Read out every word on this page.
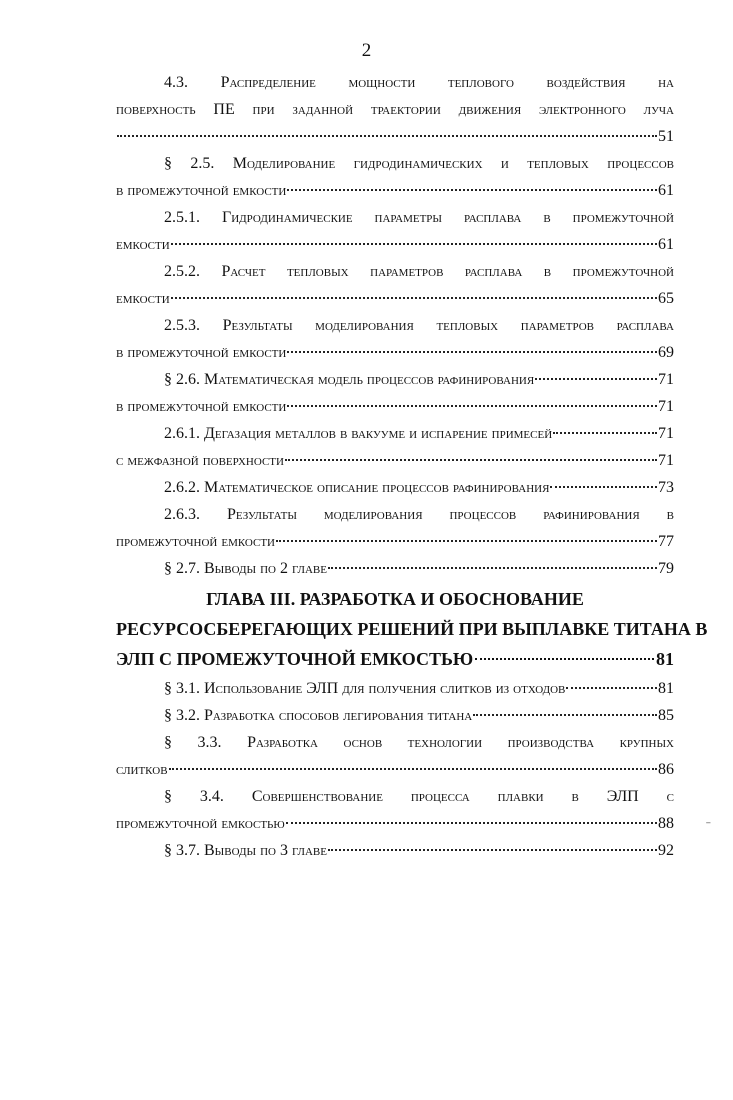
2
4.3. Распределение мощности теплового воздействия на
поверхность ПЕ при заданной траектории движения электронного луча
51
§ 2.5. Моделирование гидродинамических и тепловых процессов
в промежуточной емкости	61
2.5.1. Гидродинамические параметры расплава в промежуточной
емкости	61
2.5.2. Расчет тепловых параметров расплава в промежуточной
емкости	65
2.5.3. Результаты моделирования тепловых параметров расплава
в промежуточной емкости	69
§ 2.6. Математическая модель процессов рафинирования	71
в промежуточной емкости	71
2.6.1. Дегазация металлов в вакууме и испарение примесей	71
с межфазной поверхности	71
2.6.2. Математическое описание процессов рафинирования	73
2.6.3. Результаты моделирования процессов рафинирования в
промежуточной емкости	77
§ 2.7. Выводы по 2 главе	79
ГЛАВА III. РАЗРАБОТКА И ОБОСНОВАНИЕ
РЕСУРСОСБЕРЕГАЮЩИХ РЕШЕНИЙ ПРИ ВЫПЛАВКЕ ТИТАНА В
ЭЛП С ПРОМЕЖУТОЧНОЙ ЕМКОСТЬЮ	81
§ 3.1. Использование ЭЛП для получения слитков из отходов	81
§ 3.2. Разработка способов легирования титана	85
§ 3.3. Разработка основ технологии производства крупных
слитков	86
§ 3.4. Совершенствование процесса плавки в ЭЛП с
промежуточной емкостью	88
§ 3.7. Выводы по 3 главе	92
ˉ
